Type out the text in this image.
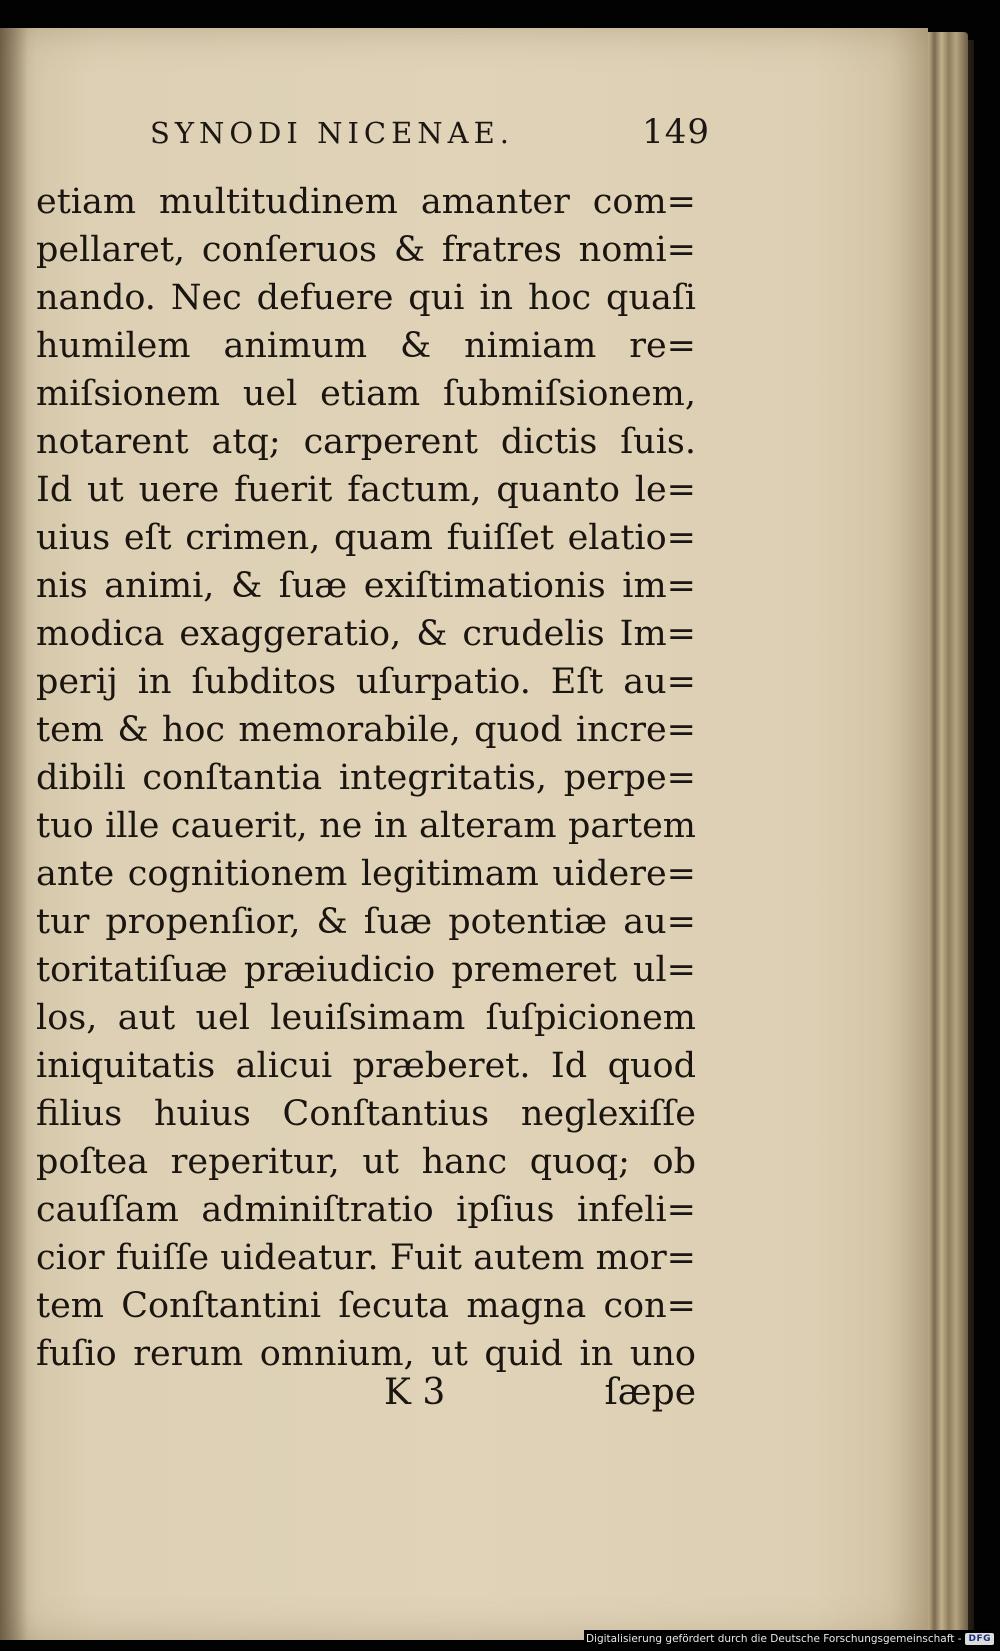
SYNODI NICENAE.	149
etiam multitudinem amanter com=
pellaret, conſeruos & fratres nomi=
nando. Nec defuere qui in hoc quaſi
humilem animum & nimiam re=
miſsionem uel etiam ſubmiſsionem,
notarent atq; carperent dictis ſuis.
Id ut uere fuerit factum, quanto le=
uius eſt crimen, quam fuiſſet elatio=
nis animi, & ſuæ exiſtimationis im=
modica exaggeratio, & crudelis Im=
perij in ſubditos uſurpatio. Eſt au=
tem & hoc memorabile, quod incre=
dibili conſtantia integritatis, perpe=
tuo ille cauerit, ne in alteram partem
ante cognitionem legitimam uidere=
tur propenſior, & ſuæ potentiæ au=
toritatiſuæ præiudicio premeret ul=
los, aut uel leuiſsimam ſuſpicionem
iniquitatis alicui præberet. Id quod
filius huius Conſtantius neglexiſſe
poſtea reperitur, ut hanc quoq; ob
cauſſam adminiſtratio ipſius infeli=
cior fuiſſe uideatur. Fuit autem mor=
tem Conſtantini ſecuta magna con=
fuſio rerum omnium, ut quid in uno
K 3	ſæpe
Digitalisierung gefördert durch die Deutsche Forschungsgemeinschaft - DFG
